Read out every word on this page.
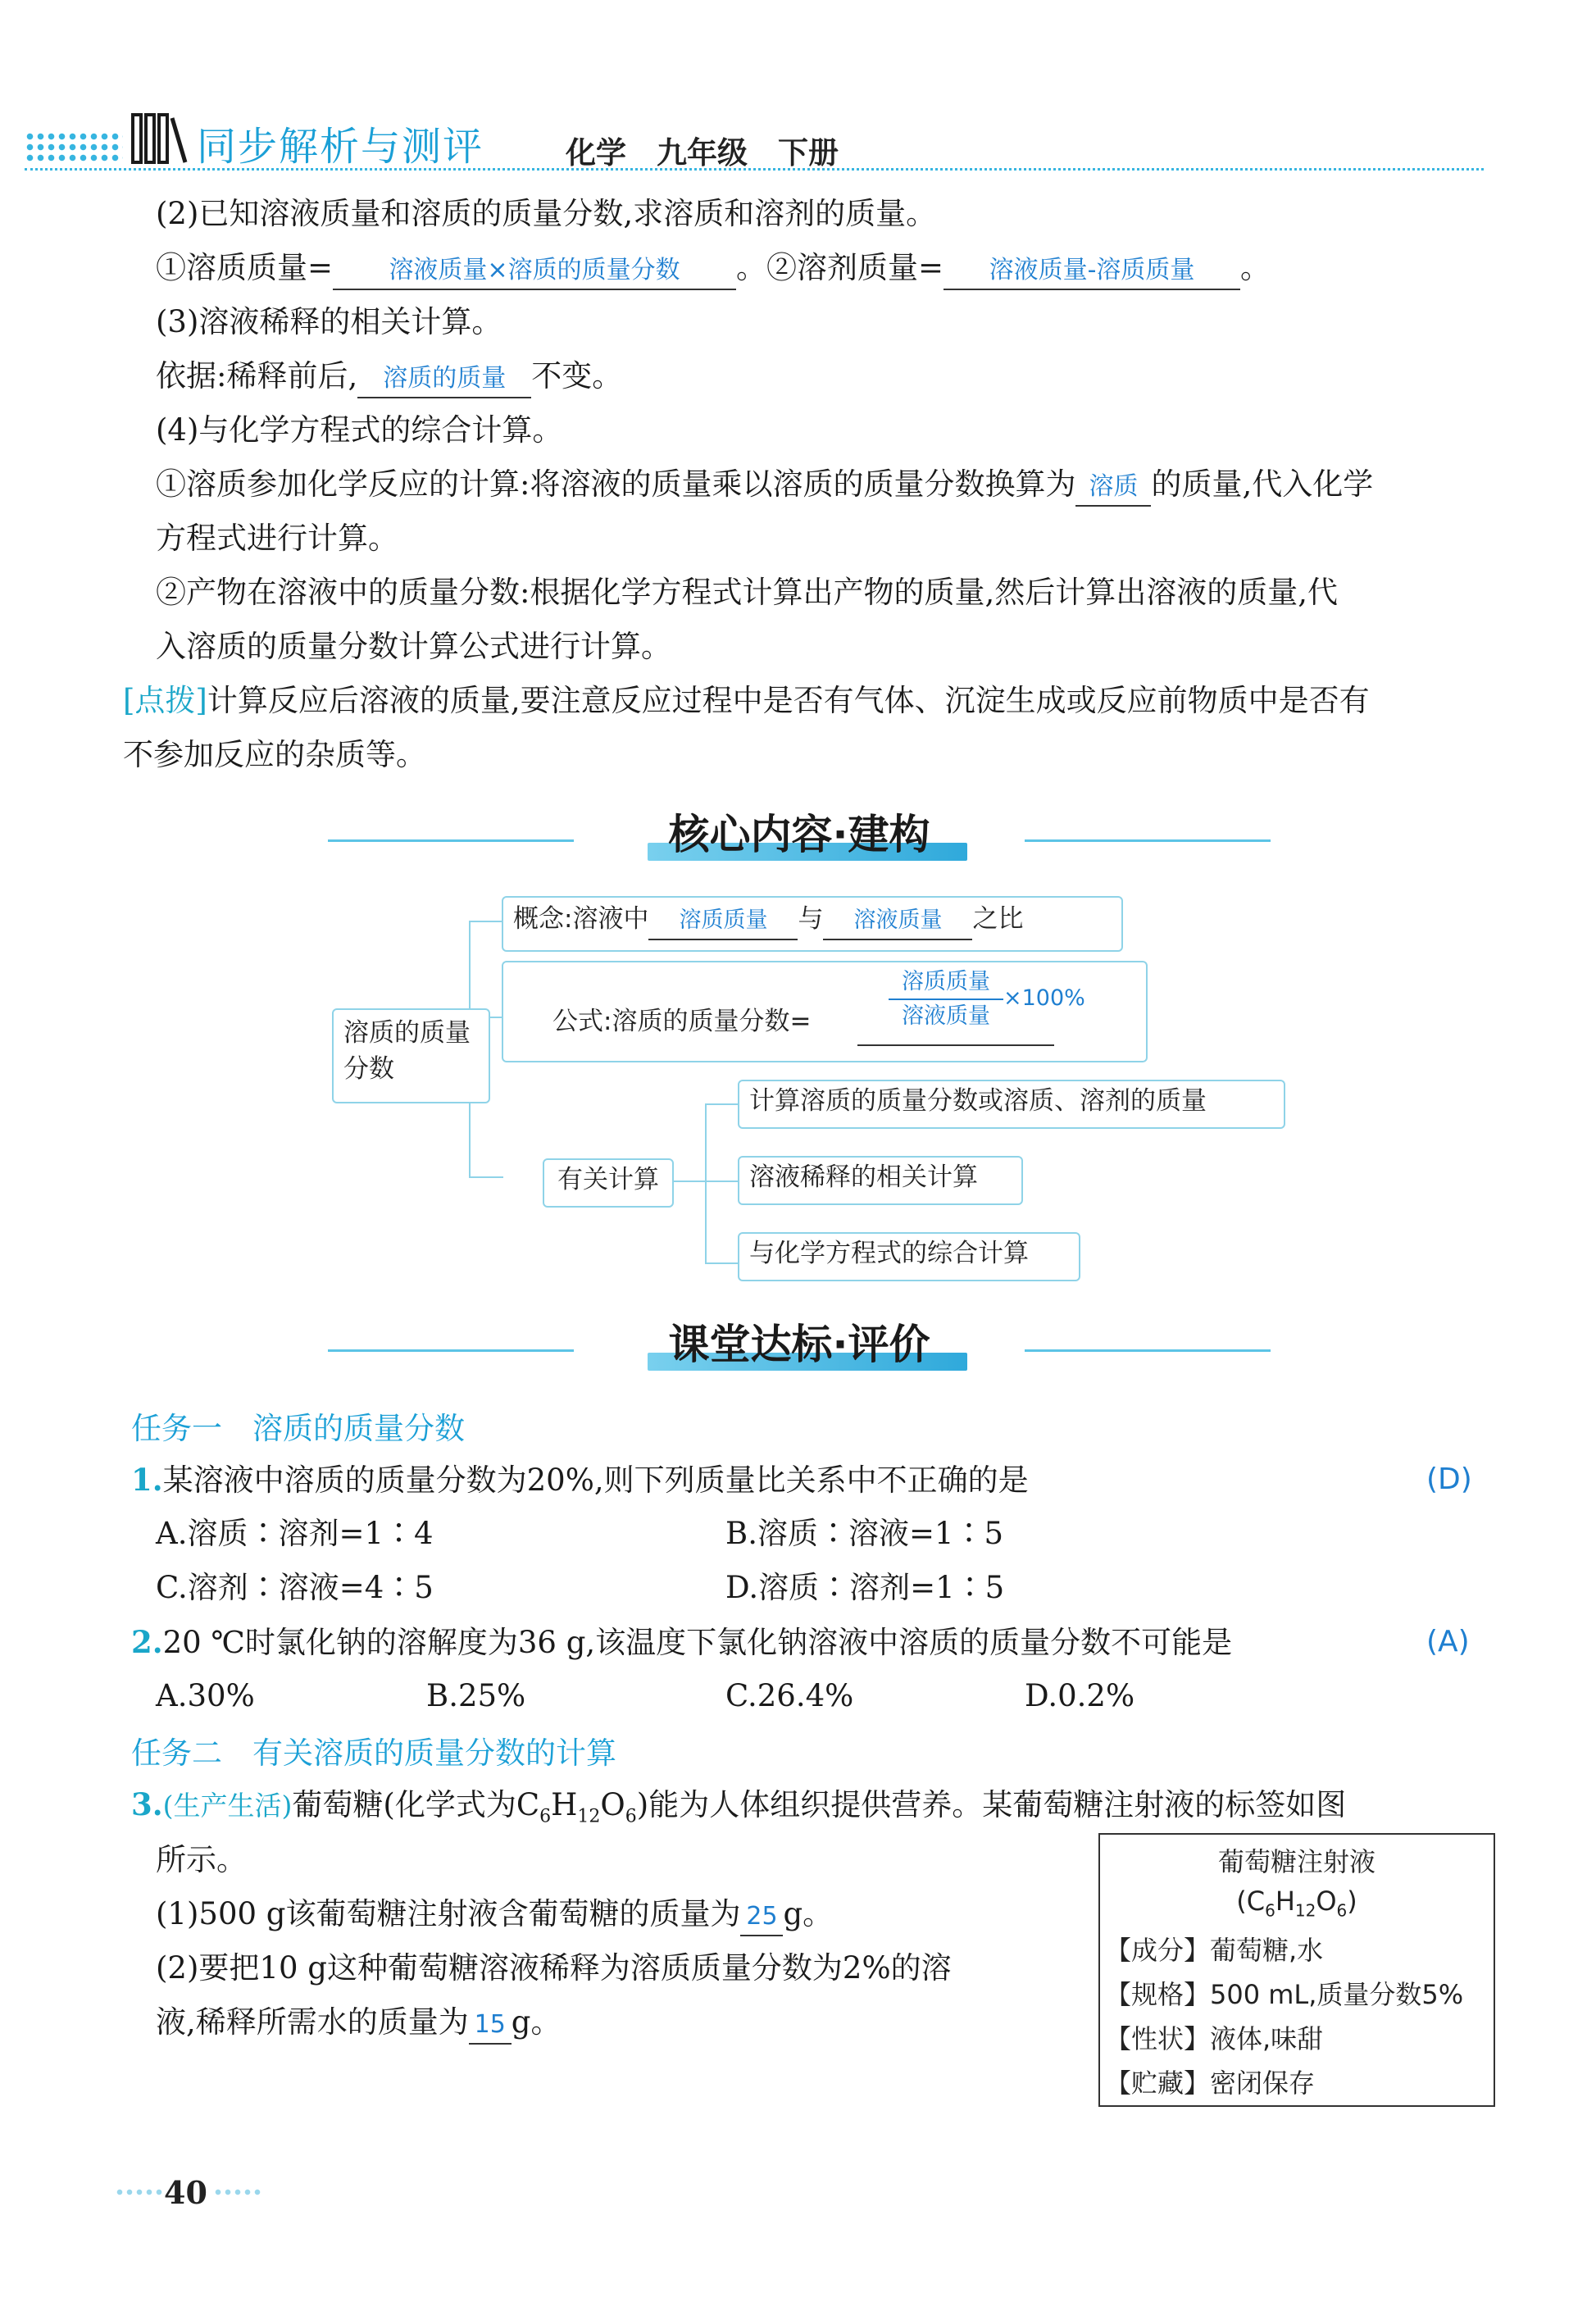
同步解析与测评	化学　九年级　下册
(2)已知溶液质量和溶质的质量分数,求溶质和溶剂的质量。
①溶质质量= 溶液质量×溶质的质量分数 。②溶剂质量= 溶液质量-溶质质量 。
(3)溶液稀释的相关计算。
依据:稀释前后, 溶质的质量 不变。
(4)与化学方程式的综合计算。
①溶质参加化学反应的计算:将溶液的质量乘以溶质的质量分数换算为 溶质 的质量,代入化学
方程式进行计算。
②产物在溶液中的质量分数:根据化学方程式计算出产物的质量,然后计算出溶液的质量,代
入溶质的质量分数计算公式进行计算。
[点拨]计算反应后溶液的质量,要注意反应过程中是否有气体、沉淀生成或反应前物质中是否有
不参加反应的杂质等。
核心内容·建构
溶质的质量分数
概念:溶液中 溶质质量 与 溶液质量 之比
公式:溶质的质量分数=
溶质质量
溶液质量
×100%
有关计算
计算溶质的质量分数或溶质、溶剂的质量
溶液稀释的相关计算
与化学方程式的综合计算
课堂达标·评价
任务一　溶质的质量分数
1.某溶液中溶质的质量分数为20%,则下列质量比关系中不正确的是	(D)
A.溶质∶溶剂=1∶4	B.溶质∶溶液=1∶5
C.溶剂∶溶液=4∶5	D.溶质∶溶剂=1∶5
2.20 ℃时氯化钠的溶解度为36 g,该温度下氯化钠溶液中溶质的质量分数不可能是	(A)
A.30%	B.25%	C.26.4%	D.0.2%
任务二　有关溶质的质量分数的计算
3.(生产生活)葡萄糖(化学式为$C_6H_{12}O_6$)能为人体组织提供营养。某葡萄糖注射液的标签如图
所示。
(1)500 g该葡萄糖注射液含葡萄糖的质量为 25 g。
(2)要把10 g这种葡萄糖溶液稀释为溶质质量分数为2%的溶
液,稀释所需水的质量为 15 g。
葡萄糖注射液
$(C_6H_{12}O_6)$
【成分】葡萄糖,水
【规格】500 mL,质量分数5%
【性状】液体,味甜
【贮藏】密闭保存
40
